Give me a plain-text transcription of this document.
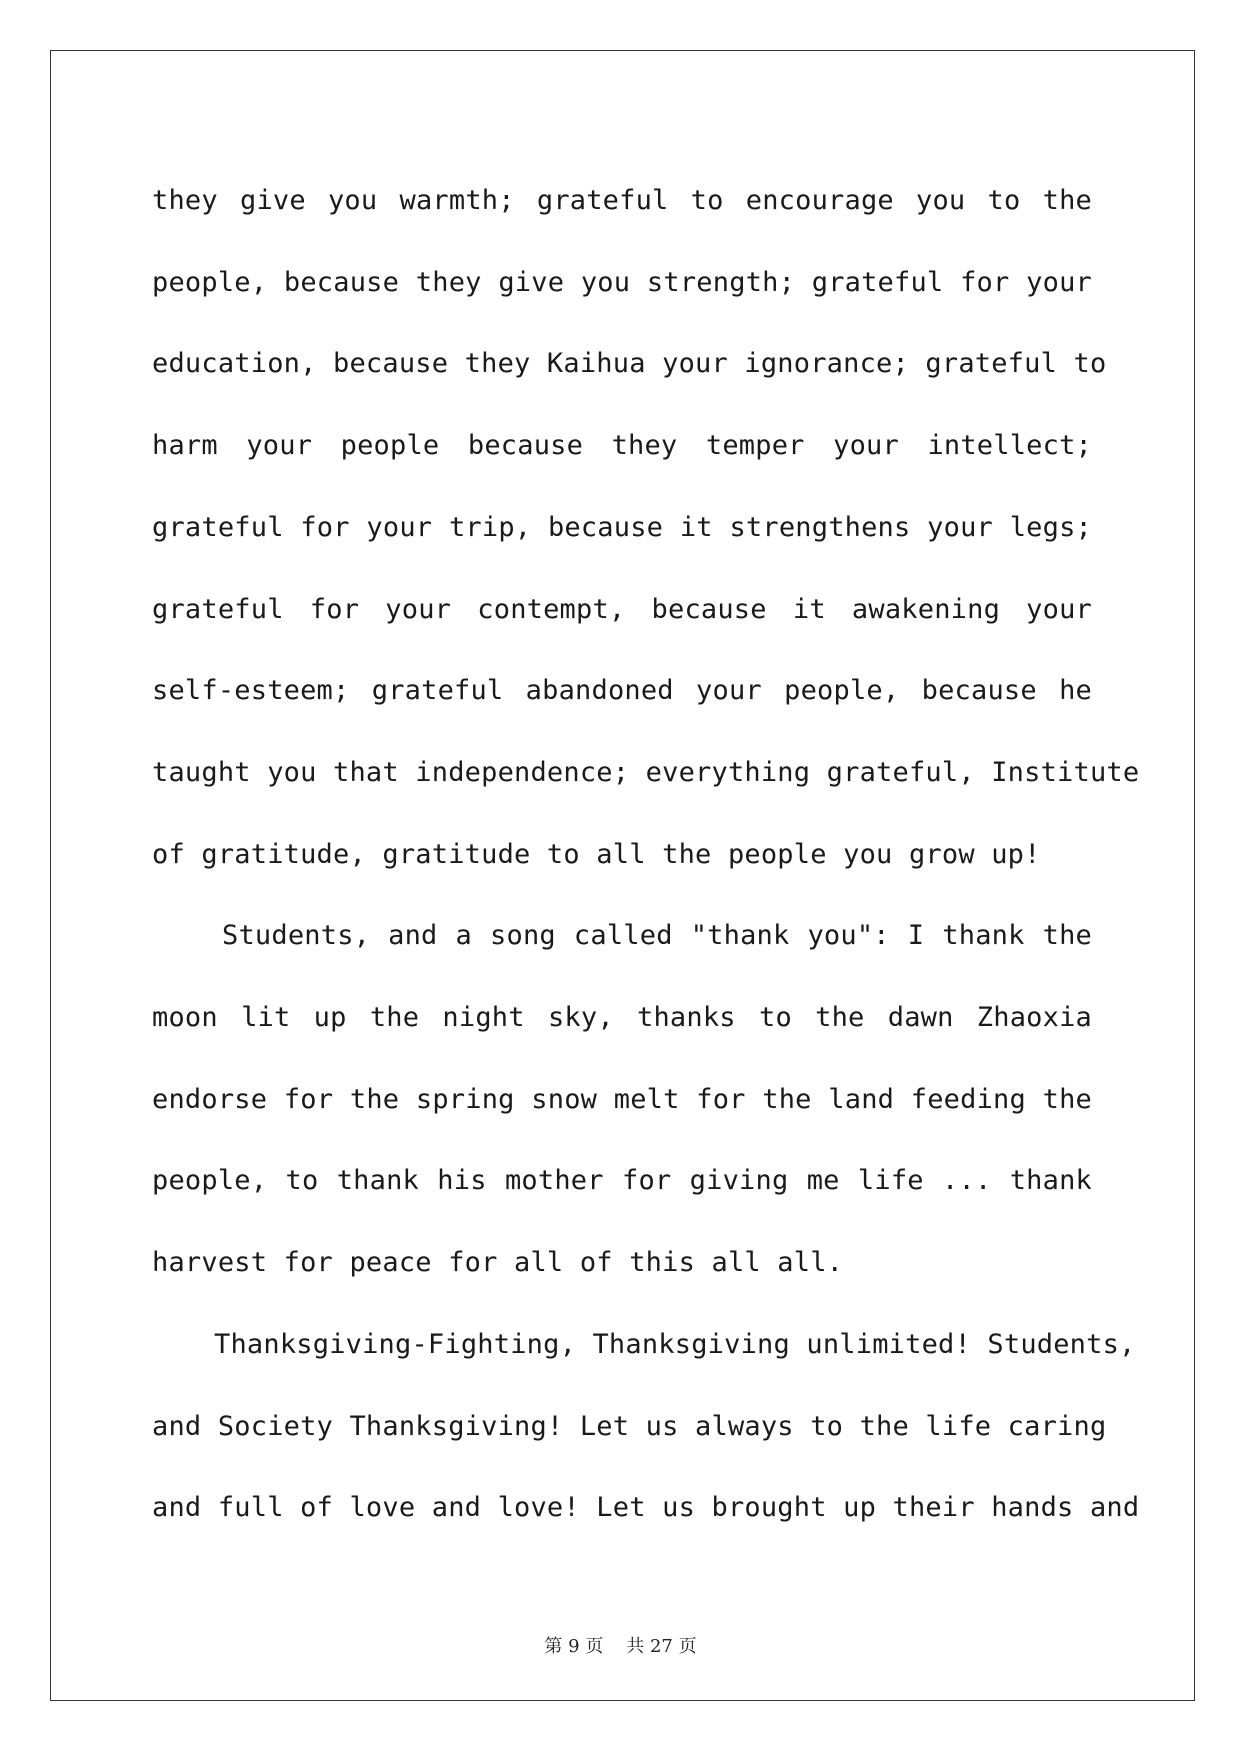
they give you warmth; grateful to encourage you to the
people, because they give you strength; grateful for your
education, because they Kaihua your ignorance; grateful to
harm your people because they temper your intellect;
grateful for your trip, because it strengthens your legs;
grateful for your contempt, because it awakening your
self-esteem; grateful abandoned your people, because he
taught you that independence; everything grateful, Institute
of gratitude, gratitude to all the people you grow up!
Students, and a song called "thank you": I thank the
moon lit up the night sky, thanks to the dawn Zhaoxia
endorse for the spring snow melt for the land feeding the
people, to thank his mother for giving me life ... thank
harvest for peace for all of this all all.
Thanksgiving-Fighting, Thanksgiving unlimited! Students,
and Society Thanksgiving! Let us always to the life caring
and full of love and love! Let us brought up their hands and
第 9 页 共 27 页
